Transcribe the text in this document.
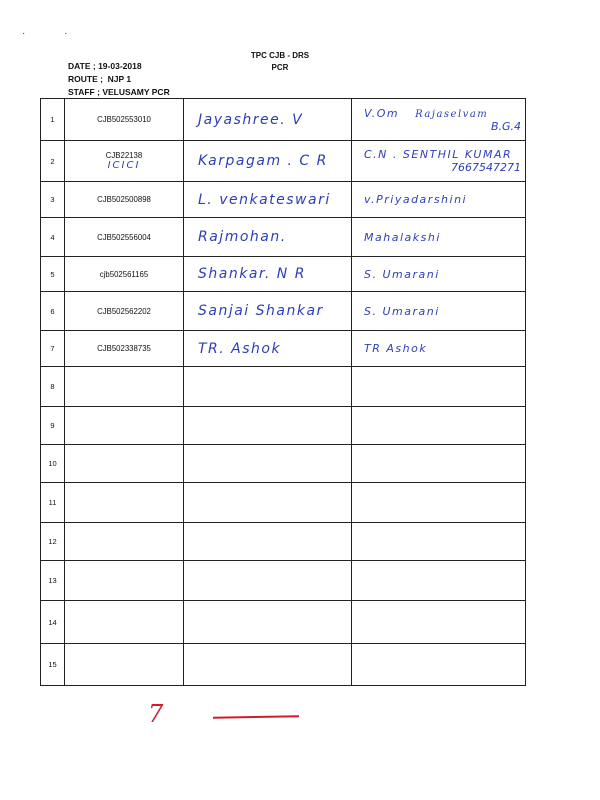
· ·
DATE ; 19-03-2018
ROUTE ;  NJP 1
STAFF ; VELUSAMY PCR
TPC CJB - DRS
PCR
1	CJB502553010	Jayashree. V	V.Om Rajaselvam
B.G.4

2	CJB22138
ICICI	Karpagam . C R	C.N . SENTHIL KUMAR
7667547271

3	CJB502500898	L. venkateswari	v.Priyadarshini

4	CJB502556004	Rajmohan.	Mahalakshi

5	cjb502561165	Shankar. N R	S. Umarani

6	CJB502562202	Sanjai Shankar	S. Umarani

7	CJB502338735	TR. Ashok	TR Ashok

8		

9		

10		

11		

12		

13		

14		

15		

7
